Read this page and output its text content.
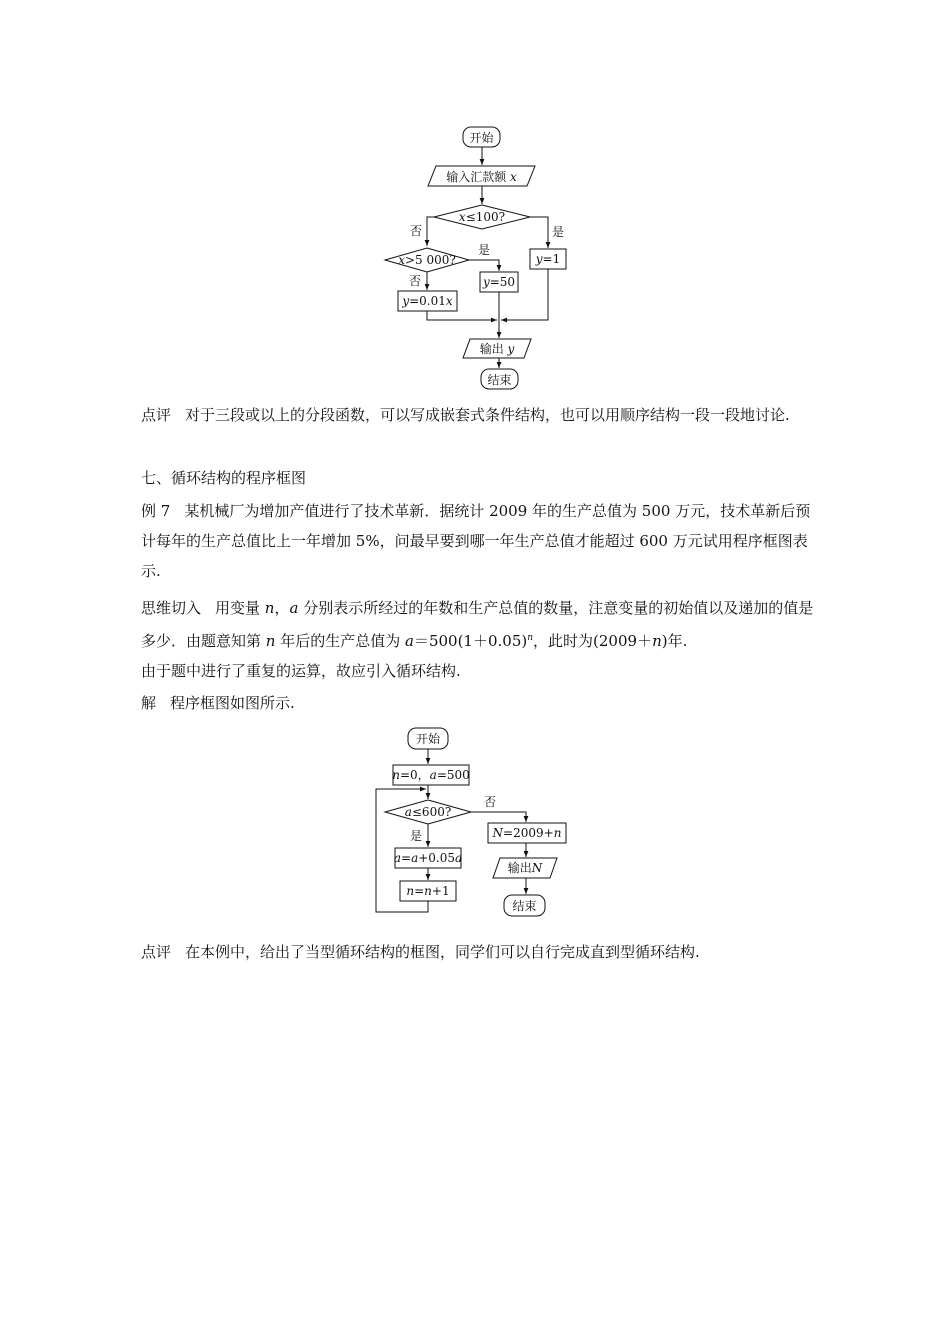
开始
输入汇款额 x
x≤100?
是
否
y=1
x>5 000?
是
否	y=50
y=0.01x
输出 y
结束

点评 对于三段或以上的分段函数，可以写成嵌套式条件结构，也可以用顺序结构一段一段地讨论.

七、循环结构的程序框图

例 7 某机械厂为增加产值进行了技术革新．据统计 2009 年的生产总值为 500 万元，技术革新后预计每年的生产总值比上一年增加 5%，问最早要到哪一年生产总值才能超过 600 万元试用程序框图表示.

思维切入 用变量 n，a 分别表示所经过的年数和生产总值的数量，注意变量的初始值以及递加的值是多少．由题意知第 n 年后的生产总值为 $a=500(1+0.05)^n$，此时为(2009＋n)年.
由于题中进行了重复的运算，故应引入循环结构.

解 程序框图如图所示.

开始
n=0，a=500
a≤600?
否
是
a=a+0.05a
n=n+1
N=2009+n
输出N
结束

点评 在本例中，给出了当型循环结构的框图，同学们可以自行完成直到型循环结构.
